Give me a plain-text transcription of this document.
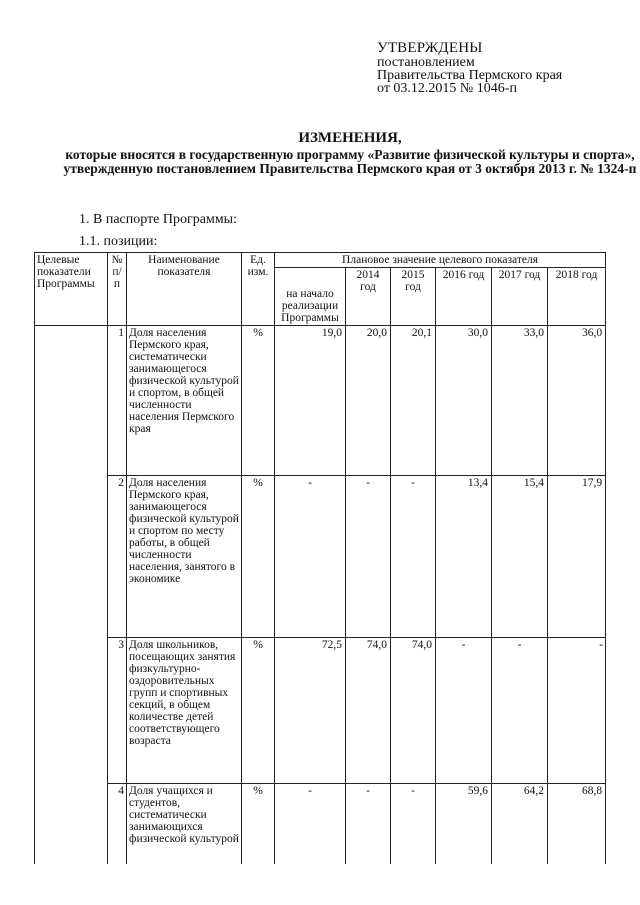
УТВЕРЖДЕНЫ
постановлением
Правительства Пермского края
от 03.12.2015 № 1046-п
ИЗМЕНЕНИЯ,
которые вносятся в государственную программу «Развитие физической культуры и спорта», утвержденную постановлением Правительства Пермского края от 3 октября 2013 г. № 1324-п
1. В паспорте Программы:
1.1. позиции:
Целевые показатели Программы	№ п/п	Наименование показателя	Ед. изм.	Плановое значение целевого показателя					
				на начало реализации Программы	2014 год	2015 год	2016 год	2017 год	2018 год
	1	Доля населения Пермского края, систематически занимающегося физической культурой и спортом, в общей численности населения Пермского края	%	19,0	20,0	20,1	30,0	33,0	36,0
	2	Доля населения Пермского края, занимающегося физической культурой и спортом по месту работы, в общей численности населения, занятого в экономике	%	-	-	-	13,4	15,4	17,9
	3	Доля школьников, посещающих занятия физкультурно-оздоровительных групп и спортивных секций, в общем количестве детей соответствующего возраста	%	72,5	74,0	74,0	-	-	-
	4	Доля учащихся и студентов, систематически занимающихся физической культурой	%	-	-	-	59,6	64,2	68,8
